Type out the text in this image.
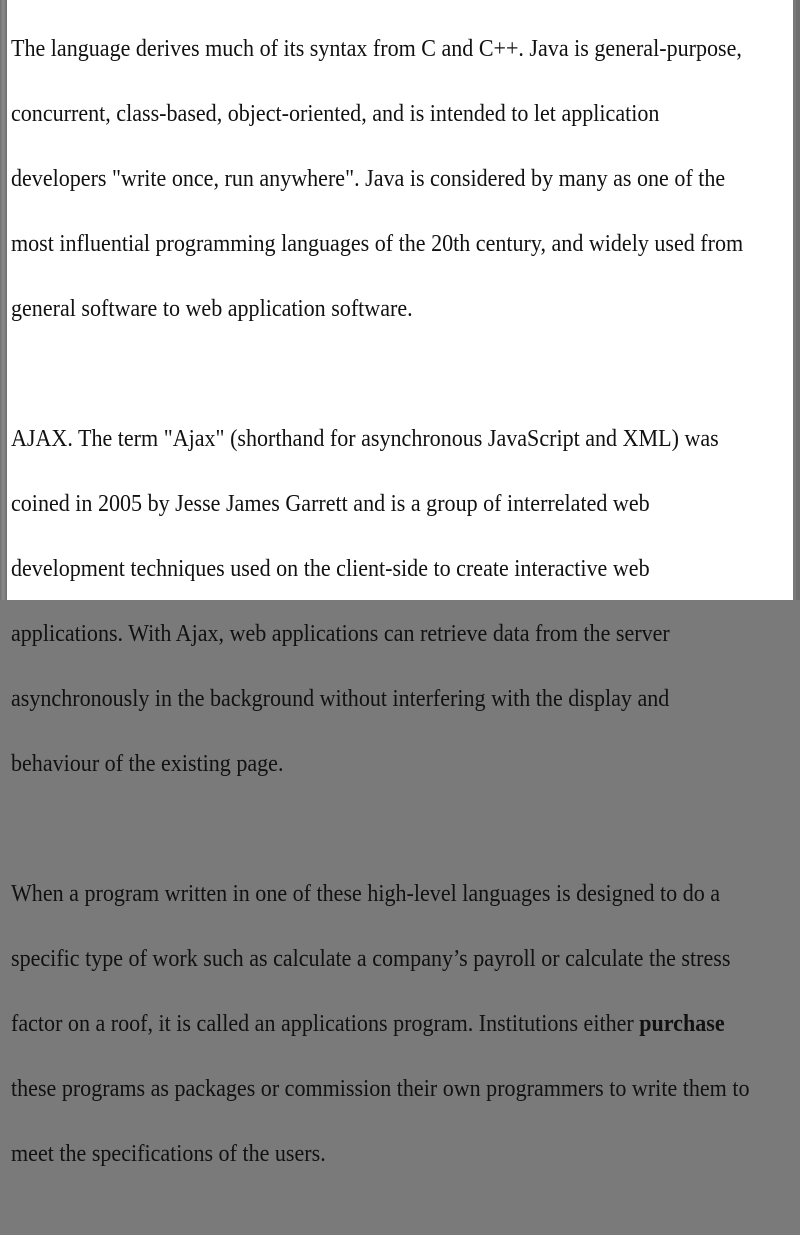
The language derives much of its syntax from C and C++. Java is general-purpose,

concurrent, class-based, object-oriented, and is intended to let application

developers "write once, run anywhere". Java is considered by many as one of the

most influential programming languages of the 20th century, and widely used from

general software to web application software.

AJAX. The term "Ajax" (shorthand for asynchronous JavaScript and XML) was

coined in 2005 by Jesse James Garrett and is a group of interrelated web

development techniques used on the client-side to create interactive web

applications. With Ajax, web applications can retrieve data from the server

asynchronously in the background without interfering with the display and

behaviour of the existing page.

When a program written in one of these high-level languages is designed to do a

specific type of work such as calculate a company’s payroll or calculate the stress

factor on a roof, it is called an applications program. Institutions either purchase

these programs as packages or commission their own programmers to write them to

meet the specifications of the users.
